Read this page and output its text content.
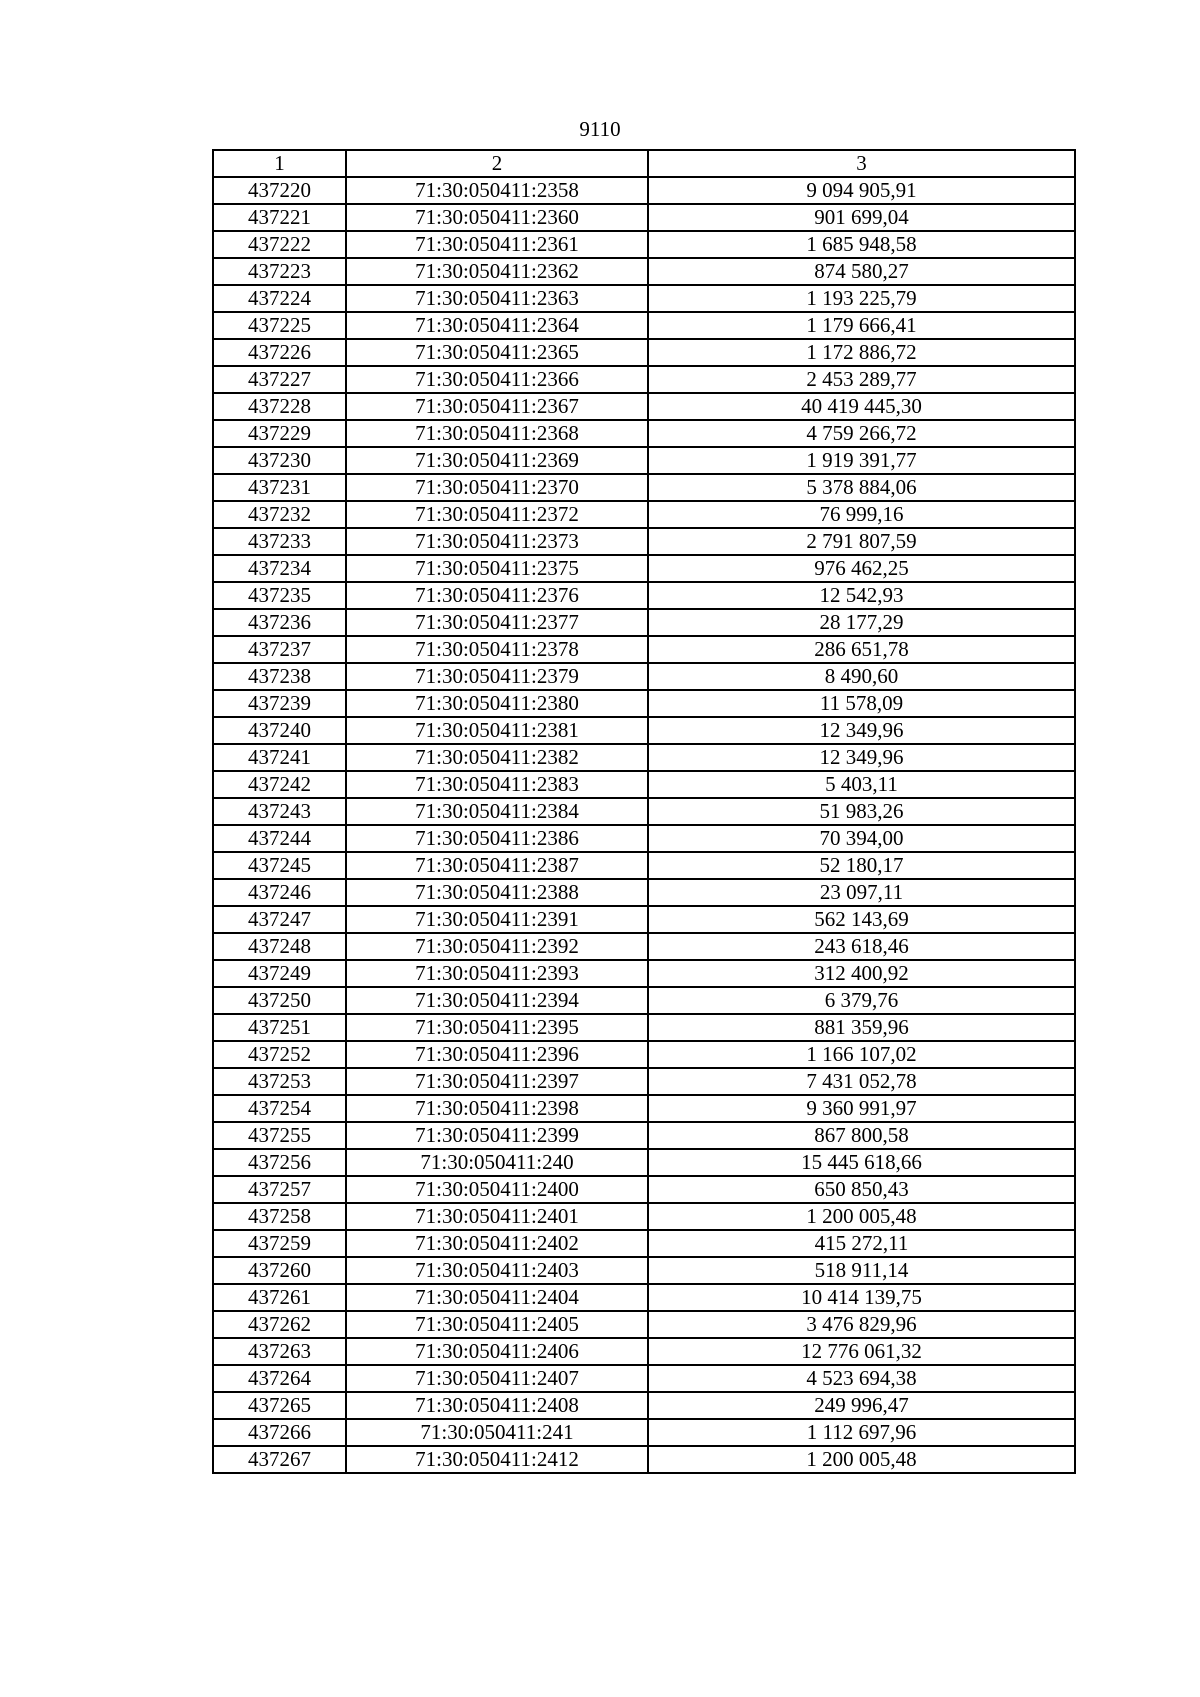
9110
1	2	3
437220	71:30:050411:2358	9 094 905,91
437221	71:30:050411:2360	901 699,04
437222	71:30:050411:2361	1 685 948,58
437223	71:30:050411:2362	874 580,27
437224	71:30:050411:2363	1 193 225,79
437225	71:30:050411:2364	1 179 666,41
437226	71:30:050411:2365	1 172 886,72
437227	71:30:050411:2366	2 453 289,77
437228	71:30:050411:2367	40 419 445,30
437229	71:30:050411:2368	4 759 266,72
437230	71:30:050411:2369	1 919 391,77
437231	71:30:050411:2370	5 378 884,06
437232	71:30:050411:2372	76 999,16
437233	71:30:050411:2373	2 791 807,59
437234	71:30:050411:2375	976 462,25
437235	71:30:050411:2376	12 542,93
437236	71:30:050411:2377	28 177,29
437237	71:30:050411:2378	286 651,78
437238	71:30:050411:2379	8 490,60
437239	71:30:050411:2380	11 578,09
437240	71:30:050411:2381	12 349,96
437241	71:30:050411:2382	12 349,96
437242	71:30:050411:2383	5 403,11
437243	71:30:050411:2384	51 983,26
437244	71:30:050411:2386	70 394,00
437245	71:30:050411:2387	52 180,17
437246	71:30:050411:2388	23 097,11
437247	71:30:050411:2391	562 143,69
437248	71:30:050411:2392	243 618,46
437249	71:30:050411:2393	312 400,92
437250	71:30:050411:2394	6 379,76
437251	71:30:050411:2395	881 359,96
437252	71:30:050411:2396	1 166 107,02
437253	71:30:050411:2397	7 431 052,78
437254	71:30:050411:2398	9 360 991,97
437255	71:30:050411:2399	867 800,58
437256	71:30:050411:240	15 445 618,66
437257	71:30:050411:2400	650 850,43
437258	71:30:050411:2401	1 200 005,48
437259	71:30:050411:2402	415 272,11
437260	71:30:050411:2403	518 911,14
437261	71:30:050411:2404	10 414 139,75
437262	71:30:050411:2405	3 476 829,96
437263	71:30:050411:2406	12 776 061,32
437264	71:30:050411:2407	4 523 694,38
437265	71:30:050411:2408	249 996,47
437266	71:30:050411:241	1 112 697,96
437267	71:30:050411:2412	1 200 005,48
